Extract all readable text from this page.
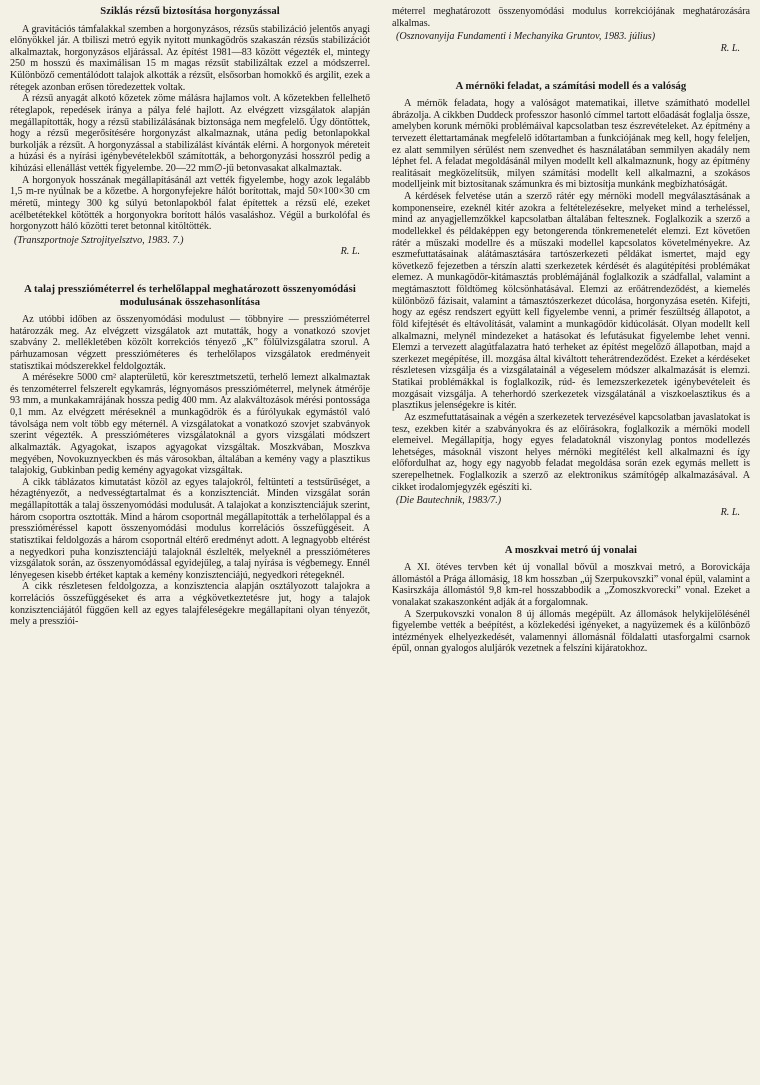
Sziklás rézsű biztosítása horgonyzással

A gravitációs támfalakkal szemben a horgonyzásos, rézsűs stabilizáció jelentős anyagi előnyökkel jár. A tbiliszi metró egyik nyitott munkagödrös szakaszán rézsűs stabilizációt alkalmaztak, horgonyzásos eljárással. Az építést 1981—83 között végezték el, mintegy 250 m hosszú és maximálisan 15 m magas rézsűt stabilizáltak ezzel a módszerrel. Különböző cementálódott talajok alkották a rézsűt, elsősorban homokkő és argilit, ezek a rétegek azonban erősen töredezettek voltak.

A rézsű anyagát alkotó kőzetek zöme málásra hajlamos volt. A kőzetekben fellelhető réteglapok, repedések iránya a pálya felé hajlott. Az elvégzett vizsgálatok alapján megállapították, hogy a rézsű stabilizálásának biztonsága nem megfelelő. Úgy döntöttek, hogy a rézsű megerősítésére horgonyzást alkalmaznak, utána pedig betonlapokkal burkolják a rézsűt. A horgonyzással a stabilizálást kívánták elérni. A horgonyok méreteit a húzási és a nyírási igénybevételekből számították, a behorgonyzási hosszról pedig a kihúzási ellenállást vették figyelembe. 20—22 mm∅-jű betonvasakat alkalmaztak.

A horgonyok hosszának megállapításánál azt vették figyelembe, hogy azok legalább 1,5 m-re nyúlnak be a kőzetbe. A horgonyfejekre hálót borítottak, majd 50×100×30 cm méretű, mintegy 300 kg súlyú betonlapokból falat építettek a rézsű elé, ezeket acélbetétekkel kötötték a horgonyokra borított hálós vasaláshoz. Végül a burkolófal és horgonyzott háló közötti teret betonnal kitöltötték.

(Transzportnoje Sztrojityelsztvo, 1983. 7.)
R. L.
A talaj presszióméterrel és terhelőlappal meghatározott összenyomódási modulusának összehasonlítása

Az utóbbi időben az összenyomódási modulust — többnyire — presszióméterrel határozzák meg. Az elvégzett vizsgálatok azt mutatták, hogy a vonatkozó szovjet szabvány 2. mellékletében közölt korrekciós tényező „K” fölülvizsgálatra szorul. A párhuzamosan végzett presszióméteres és terhelőlapos vizsgálatok eredményeit statisztikai módszerekkel feldolgozták.

A mérésekre 5000 cm² alapterületű, kör keresztmetszetű, terhelő lemezt alkalmaztak és tenzométerrel felszerelt egykamrás, légnyomásos presszióméterrel, melynek átmérője 93 mm, a munkakamrájának hossza pedig 400 mm. Az alakváltozások mérési pontossága 0,1 mm. Az elvégzett méréseknél a munkagödrök és a fúrólyukak egymástól való távolsága nem volt több egy méternél. A vizsgálatokat a vonatkozó szovjet szabványok szerint végezték. A presszióméteres vizsgálatoknál a gyors vizsgálati módszert alkalmazták. Agyagokat, iszapos agyagokat vizsgáltak. Moszkvában, Moszkva megyében, Novokuznyeckben és más városokban, általában a kemény vagy a plasztikus talajokig, Gubkinban pedig kemény agyagokat vizsgáltak.

A cikk táblázatos kimutatást közöl az egyes talajokról, feltüntetí a testsűrűséget, a hézagtényezőt, a nedvességtartalmat és a konzisztenciát. Minden vizsgálat során megállapították a talaj összenyomódási modulusát. A talajokat a konzisztenciájuk szerint, három csoportra osztották. Mind a három csoportnál megállapították a terhelőlappal és a presszióméréssel kapott összenyomódási modulus korrelációs összefüggéseit. A statisztikai feldolgozás a három csoportnál eltérő eredményt adott. A legnagyobb eltérést a negyedkori puha konzisztenciájú talajoknál észlelték, melyeknél a presszióméteres vizsgálatok során, az összenyomódással egyidejűleg, a talaj nyírása is végbemegy. Ennél lényegesen kisebb értéket kaptak a kemény konzisztenciájú, negyedkori rétegeknél.

A cikk részletesen feldolgozza, a konzisztencia alapján osztályozott talajokra a korrelációs összefüggéseket és arra a végkövetkeztetésre jut, hogy a talajok konzisztenciájától függően kell az egyes talajféleségekre megállapítani olyan tényezőt, mely a pressziói-

méterrel meghatározott összenyomódási modulus korrekciójának meghatározására alkalmas.

(Osznovanyija Fundamenti i Mechanyika Gruntov, 1983. július)
R. L.
A mérnöki feladat, a számítási modell és a valóság

A mérnök feladata, hogy a valóságot matematikai, illetve számítható modellel ábrázolja. A cikkben Duddeck professzor hasonló címmel tartott előadását foglalja össze, amelyben korunk mérnöki problémáival kapcsolatban tesz észrevételeket. Az építmény a tervezett élettartamának megfelelő időtartamban a funkciójának meg kell, hogy feleljen, ez alatt semmilyen sérülést nem szenvedhet és használatában semmilyen akadály nem léphet fel. A feladat megoldásánál milyen modellt kell alkalmaznunk, hogy az építmény realitásait megközelítsük, milyen számítási modellt kell alkalmazni, a szokásos modelljeink mit biztosítanak számunkra és mi biztosítja munkánk megbízhatóságát.

A kérdések felvetése után a szerző rátér egy mérnöki modell megválasztásának a komponenseire, ezeknél kitér azokra a feltételezésekre, melyeket mind a terheléssel, mind az anyagjellemzőkkel kapcsolatban általában feltesznek. Foglalkozik a szerző a modellekkel és példaképpen egy betongerenda tönkremenetelét elemzi. Ezt követően rátér a műszaki modellre és a műszaki modellel kapcsolatos követelményekre. Az eszmefuttatásainak alátámasztására tartószerkezeti példákat ismertet, majd egy következő fejezetben a térszín alatti szerkezetek kérdését és alagútépítési problémákat elemez. A munkagödör-kitámasztás problémájánál foglalkozik a szádfallal, valamint a megtámasztott földtömeg kölcsönhatásával. Elemzi az erőátrendeződést, a kiemelés különböző fázisait, valamint a támasztószerkezet dúcolása, horgonyzása esetén. Kifejti, hogy az egész rendszert együtt kell figyelembe venni, a primér feszültség állapotot, a föld kifejtését és eltávolítását, valamint a munkagödör kidúcolását. Olyan modellt kell alkalmazni, melynél mindezeket a hatásokat és lefutásukat figyelembe lehet venni. Elemzi a tervezett alagútfalazatra ható terheket az építést megelőző állapotban, majd a szerkezet megépítése, ill. mozgása által kiváltott teherátrendeződést. Ezeket a kérdéseket részletesen vizsgálja és a vizsgálatainál a végeselem módszer alkalmazását is elemzi. Statikai problémákkal is foglalkozik, rúd- és lemezszerkezetek igénybevételeit és mozgásait vizsgálja. A teherhordó szerkezetek vizsgálatánál a viszkoelasztikus és a plasztikus jelenségekre is kitér.

Az eszmefuttatásainak a végén a szerkezetek tervezésével kapcsolatban javaslatokat is tesz, ezekben kitér a szabványokra és az előírásokra, foglalkozik a mérnöki modell elemeivel. Megállapítja, hogy egyes feladatoknál viszonylag pontos modellezés lehetséges, másoknál viszont helyes mérnöki megítélést kell alkalmazni és így előfordulhat az, hogy egy nagyobb feladat megoldása során ezek egymás mellett is szerepelhetnek. Foglalkozik a szerző az elektronikus számítógép alkalmazásával. A cikket irodalomjegyzék egészíti ki.

(Die Bautechnik, 1983/7.)
R. L.
A moszkvai metró új vonalai

A XI. ötéves tervben két új vonallal bővül a moszkvai metró, a Borovickája állomástól a Prága állomásig, 18 km hosszban „új Szerpukovszki” vonal épül, valamint a Kasirszkája állomástól 9,8 km-rel hosszabbodik a „Zomoszkvorecki” vonal. Ezeket a vonalakat szakaszonként adják át a forgalomnak.

A Szerpukovszki vonalon 8 új állomás megépült. Az állomások helykijelölésénél figyelembe vették a beépítést, a közlekedési igényeket, a nagyüzemek és a különböző intézmények elhelyezkedését, valamennyi állomásnál földalatti utasforgalmi csarnok épül, onnan gyalogos aluljárók vezetnek a felszíni kijáratokhoz.
